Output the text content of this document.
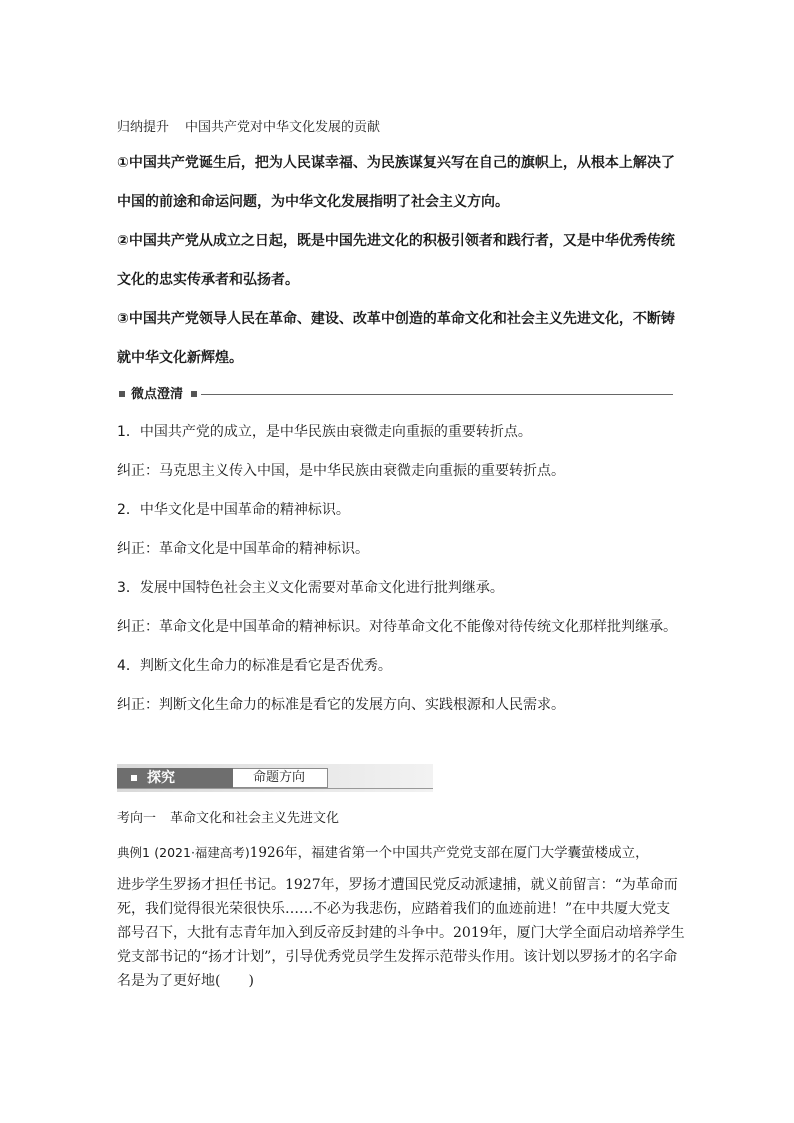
归纳提升 中国共产党对中华文化发展的贡献
①中国共产党诞生后，把为人民谋幸福、为民族谋复兴写在自己的旗帜上，从根本上解决了
中国的前途和命运问题，为中华文化发展指明了社会主义方向。
②中国共产党从成立之日起，既是中国先进文化的积极引领者和践行者，又是中华优秀传统
文化的忠实传承者和弘扬者。
③中国共产党领导人民在革命、建设、改革中创造的革命文化和社会主义先进文化，不断铸
就中华文化新辉煌。
微点澄清
1．中国共产党的成立，是中华民族由衰微走向重振的重要转折点。
纠正：马克思主义传入中国，是中华民族由衰微走向重振的重要转折点。
2．中华文化是中国革命的精神标识。
纠正：革命文化是中国革命的精神标识。
3．发展中国特色社会主义文化需要对革命文化进行批判继承。
纠正：革命文化是中国革命的精神标识。对待革命文化不能像对待传统文化那样批判继承。
4．判断文化生命力的标准是看它是否优秀。
纠正：判断文化生命力的标准是看它的发展方向、实践根源和人民需求。
探究	命题方向
考向一 革命文化和社会主义先进文化
典例1 (2021·福建高考)1926年，福建省第一个中国共产党党支部在厦门大学囊萤楼成立，
进步学生罗扬才担任书记。1927年，罗扬才遭国民党反动派逮捕，就义前留言：“为革命而
死，我们觉得很光荣很快乐……不必为我悲伤，应踏着我们的血迹前进！”在中共厦大党支
部号召下，大批有志青年加入到反帝反封建的斗争中。2019年，厦门大学全面启动培养学生
党支部书记的“扬才计划”，引导优秀党员学生发挥示范带头作用。该计划以罗扬才的名字命
名是为了更好地(　　)
